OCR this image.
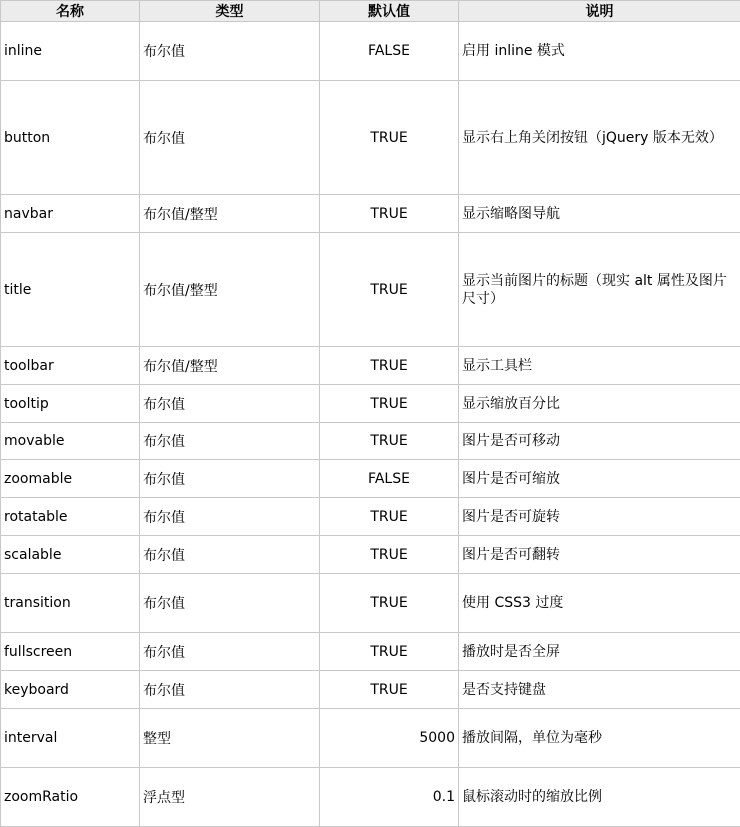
名称	类型	默认值	说明
inline	布尔值	FALSE	启用 inline 模式
button	布尔值	TRUE	显示右上角关闭按钮（jQuery 版本无效）
navbar	布尔值/整型	TRUE	显示缩略图导航
title	布尔值/整型	TRUE	显示当前图片的标题（现实 alt 属性及图片尺寸）
toolbar	布尔值/整型	TRUE	显示工具栏
tooltip	布尔值	TRUE	显示缩放百分比
movable	布尔值	TRUE	图片是否可移动
zoomable	布尔值	FALSE	图片是否可缩放
rotatable	布尔值	TRUE	图片是否可旋转
scalable	布尔值	TRUE	图片是否可翻转
transition	布尔值	TRUE	使用 CSS3 过度
fullscreen	布尔值	TRUE	播放时是否全屏
keyboard	布尔值	TRUE	是否支持键盘
interval	整型	5000	播放间隔，单位为毫秒
zoomRatio	浮点型	0.1	鼠标滚动时的缩放比例
